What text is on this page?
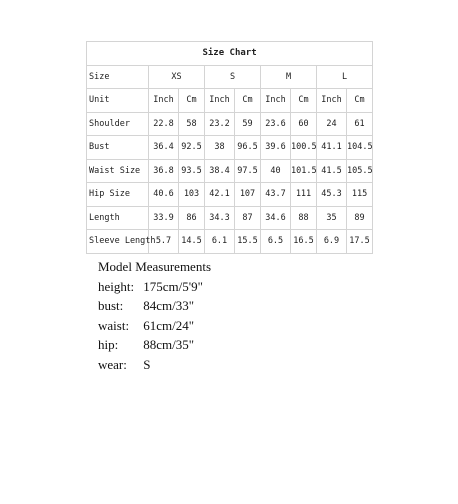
Size Chart								
Size	XS		S		M		L	
Unit	Inch	Cm	Inch	Cm	Inch	Cm	Inch	Cm
Shoulder	22.8	58	23.2	59	23.6	60	24	61
Bust	36.4	92.5	38	96.5	39.6	100.5	41.1	104.5
Waist Size	36.8	93.5	38.4	97.5	40	101.5	41.5	105.5
Hip Size	40.6	103	42.1	107	43.7	111	45.3	115
Length	33.9	86	34.3	87	34.6	88	35	89
Sleeve Length	5.7	14.5	6.1	15.5	6.5	16.5	6.9	17.5
Model Measurements
height: 175cm/5'9"
bust: 84cm/33"
waist: 61cm/24"
hip: 88cm/35"
wear: S
